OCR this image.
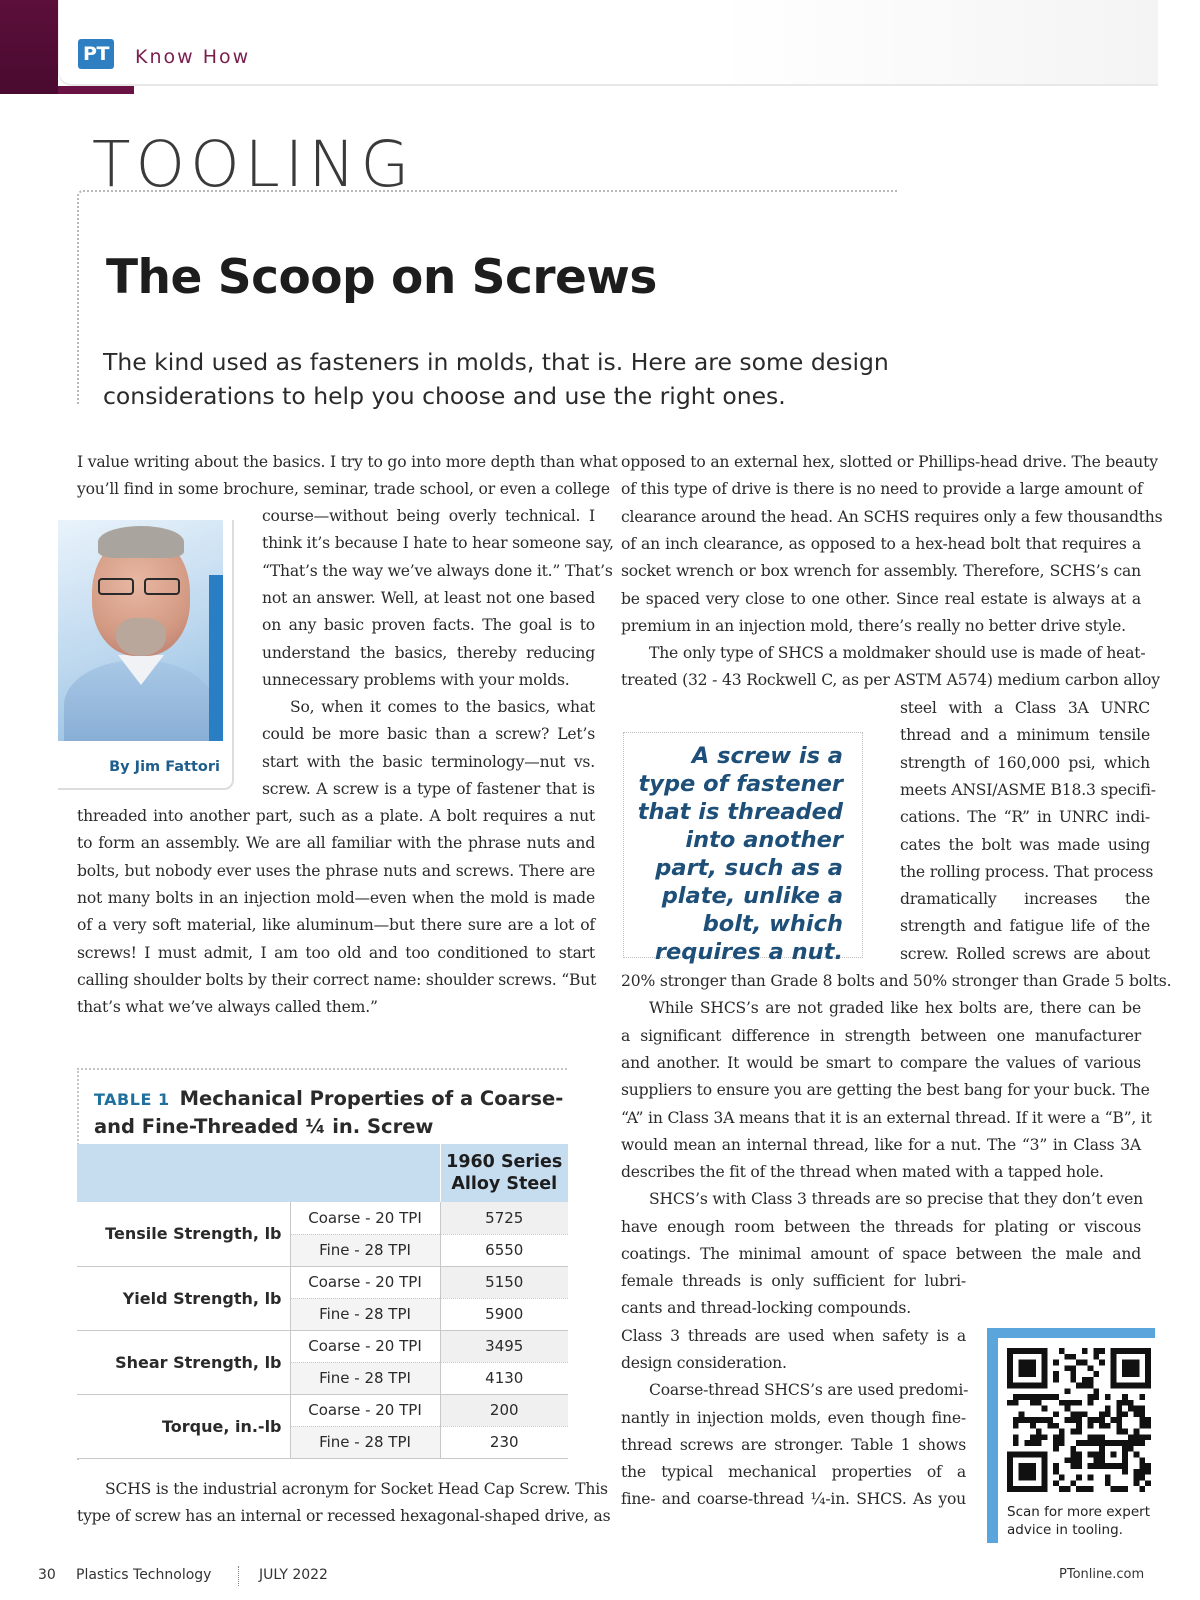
PT Know How
TOOLING
The Scoop on Screws

The kind used as fasteners in molds, that is. Here are some design considerations to help you choose and use the right ones.

I value writing about the basics. I try to go into more depth than what
you’ll find in some brochure, seminar, trade school, or even a college
By Jim Fattori
course—without being overly technical. I
think it’s because I hate to hear someone say,
“That’s the way we’ve always done it.” That’s
not an answer. Well, at least not one based
on any basic proven facts. The goal is to
understand the basics, thereby reducing
unnecessary problems with your molds.
So, when it comes to the basics, what
could be more basic than a screw? Let’s
start with the basic terminology—nut vs.
screw. A screw is a type of fastener that is
threaded into another part, such as a plate. A bolt requires a nut
to form an assembly. We are all familiar with the phrase nuts and
bolts, but nobody ever uses the phrase nuts and screws. There are
not many bolts in an injection mold—even when the mold is made
of a very soft material, like aluminum—but there sure are a lot of
screws! I must admit, I am too old and too conditioned to start
calling shoulder bolts by their correct name: shoulder screws. “But
that’s what we’ve always called them.”
TABLE 1 Mechanical Properties of a Coarse-and Fine-Threaded ¼ in. Screw
		1960 Series
Alloy Steel
Tensile Strength, lb	Coarse - 20 TPI	5725
	Fine - 28 TPI	6550
Yield Strength, lb	Coarse - 20 TPI	5150
	Fine - 28 TPI	5900
Shear Strength, lb	Coarse - 20 TPI	3495
	Fine - 28 TPI	4130
Torque, in.-lb	Coarse - 20 TPI	200
	Fine - 28 TPI	230
SCHS is the industrial acronym for Socket Head Cap Screw. This
type of screw has an internal or recessed hexagonal-shaped drive, as
opposed to an external hex, slotted or Phillips-head drive. The beauty
of this type of drive is there is no need to provide a large amount of
clearance around the head. An SCHS requires only a few thousandths
of an inch clearance, as opposed to a hex-head bolt that requires a
socket wrench or box wrench for assembly. Therefore, SCHS’s can
be spaced very close to one other. Since real estate is always at a
premium in an injection mold, there’s really no better drive style.
The only type of SHCS a moldmaker should use is made of heat-
treated (32 - 43 Rockwell C, as per ASTM A574) medium carbon alloy
A screw is a type of fastener that is threaded into another part, such as a plate, unlike a bolt, which requires a nut.
steel with a Class 3A UNRC
thread and a minimum tensile
strength of 160,000 psi, which
meets ANSI/ASME B18.3 specifi-
cations. The “R” in UNRC indi-
cates the bolt was made using
the rolling process. That process
dramatically increases the
strength and fatigue life of the
screw. Rolled screws are about
20% stronger than Grade 8 bolts and 50% stronger than Grade 5 bolts.
While SHCS’s are not graded like hex bolts are, there can be
a significant difference in strength between one manufacturer
and another. It would be smart to compare the values of various
suppliers to ensure you are getting the best bang for your buck. The
“A” in Class 3A means that it is an external thread. If it were a “B”, it
would mean an internal thread, like for a nut. The “3” in Class 3A
describes the fit of the thread when mated with a tapped hole.
SHCS’s with Class 3 threads are so precise that they don’t even
have enough room between the threads for plating or viscous
coatings. The minimal amount of space between the male and
female threads is only sufficient for lubri-
cants and thread-locking compounds.
Class 3 threads are used when safety is a
design consideration.
Coarse-thread SHCS’s are used predomi-
nantly in injection molds, even though fine-
thread screws are stronger. Table 1 shows
the typical mechanical properties of a
fine- and coarse-thread ¼-in. SHCS. As you
Scan for more expert advice in tooling.
30 Plastics Technology	JULY 2022	PTonline.com
